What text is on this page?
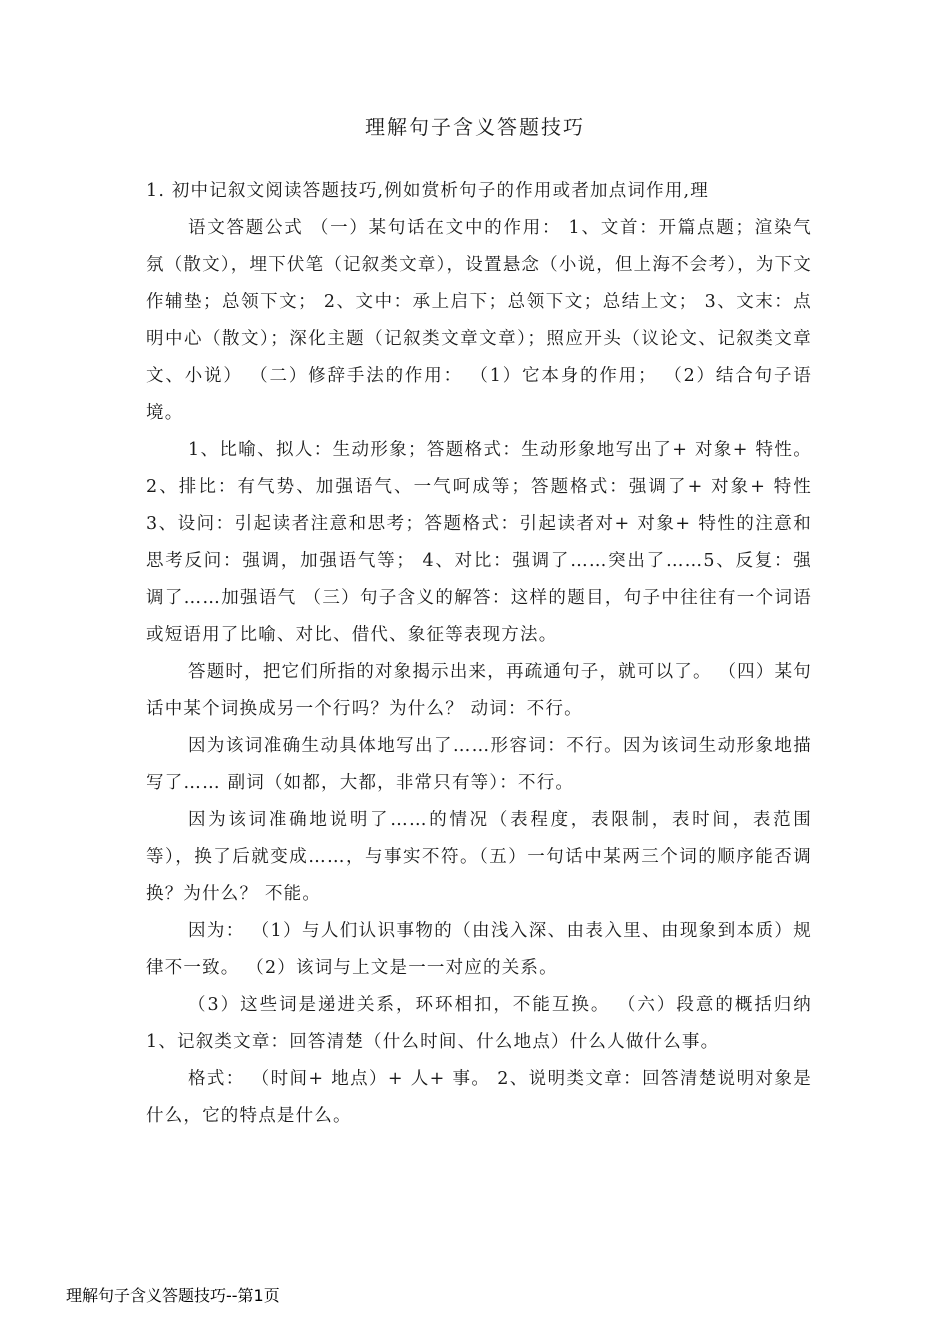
理解句子含义答题技巧

1. 初中记叙文阅读答题技巧,例如赏析句子的作用或者加点词作用,理

语文答题公式 （一）某句话在文中的作用： 1、文首：开篇点题；渲染气氛（散文），埋下伏笔（记叙类文章），设置悬念（小说，但上海不会考），为下文作辅垫；总领下文； 2、文中：承上启下；总领下文；总结上文； 3、文末：点明中心（散文）；深化主题（记叙类文章文章）；照应开头（议论文、记叙类文章文、小说） （二）修辞手法的作用： （1）它本身的作用； （2）结合句子语境。

1、比喻、拟人：生动形象；答题格式：生动形象地写出了+ 对象+ 特性。 2、排比：有气势、加强语气、一气呵成等；答题格式：强调了+ 对象+ 特性 3、设问：引起读者注意和思考；答题格式：引起读者对+ 对象+ 特性的注意和思考反问：强调，加强语气等； 4、对比：强调了……突出了……5、反复：强调了……加强语气 （三）句子含义的解答：这样的题目，句子中往往有一个词语或短语用了比喻、对比、借代、象征等表现方法。

答题时，把它们所指的对象揭示出来，再疏通句子，就可以了。 （四）某句话中某个词换成另一个行吗？为什么？ 动词：不行。

因为该词准确生动具体地写出了……形容词：不行。因为该词生动形象地描写了…… 副词（如都，大都，非常只有等）：不行。

因为该词准确地说明了……的情况（表程度，表限制，表时间，表范围等），换了后就变成……，与事实不符。（五）一句话中某两三个词的顺序能否调换？为什么？ 不能。

因为： （1）与人们认识事物的（由浅入深、由表入里、由现象到本质）规律不一致。 （2）该词与上文是一一对应的关系。

（3）这些词是递进关系，环环相扣，不能互换。 （六）段意的概括归纳 1、记叙类文章：回答清楚（什么时间、什么地点）什么人做什么事。

格式： （时间+ 地点）+ 人+ 事。 2、说明类文章：回答清楚说明对象是什么，它的特点是什么。

理解句子含义答题技巧--第1页
